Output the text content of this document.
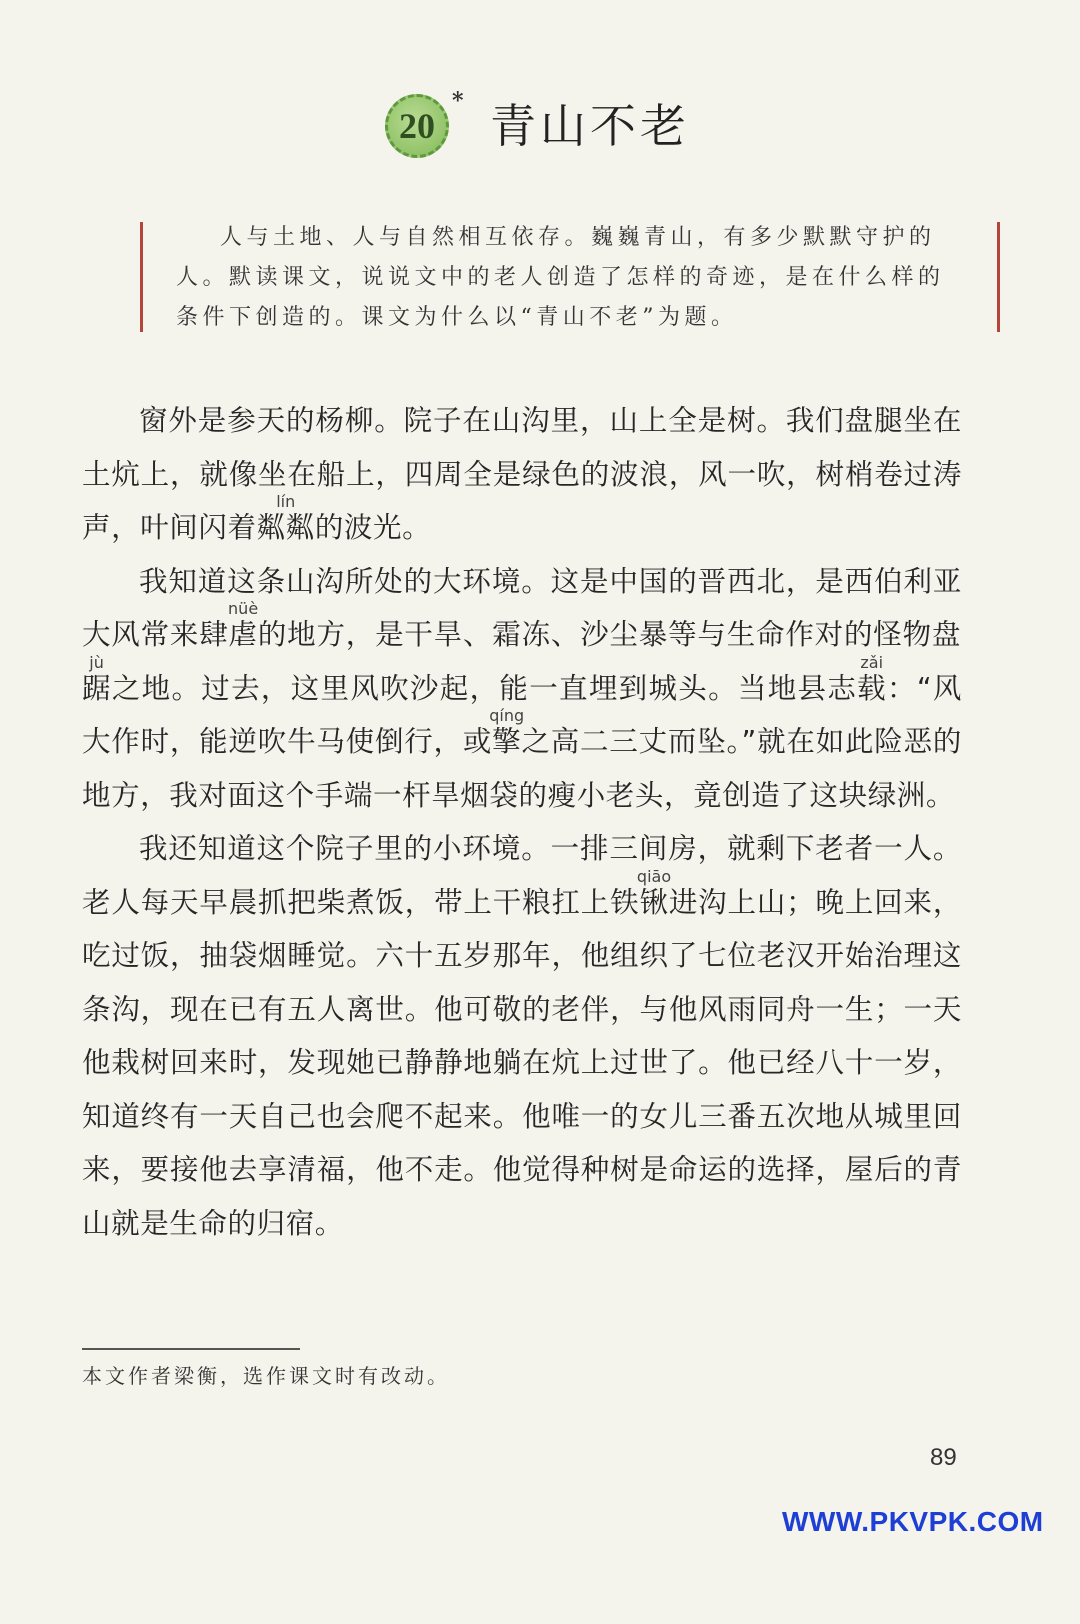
20
* 青山不老
人与土地、人与自然相互依存。巍巍青山，有多少默默守护的人。默读课文，说说文中的老人创造了怎样的奇迹，是在什么样的条件下创造的。课文为什么以“青山不老”为题。

窗外是参天的杨柳。院子在山沟里，山上全是树。我们盘腿坐在土炕上，就像坐在船上，四周全是绿色的波浪，风一吹，树梢卷过涛声，叶间闪着粼粼lín的波光。

我知道这条山沟所处的大环境。这是中国的晋西北，是西伯利亚大风常来肆虐nüè的地方，是干旱、霜冻、沙尘暴等与生命作对的怪物盘踞jù之地。过去，这里风吹沙起，能一直埋到城头。当地县志载zǎi：“风大作时，能逆吹牛马使倒行，或擎qíng之高二三丈而坠。”就在如此险恶的地方，我对面这个手端一杆旱烟袋的瘦小老头，竟创造了这块绿洲。

我还知道这个院子里的小环境。一排三间房，就剩下老者一人。老人每天早晨抓把柴煮饭，带上干粮扛上铁锹qiāo进沟上山；晚上回来，吃过饭，抽袋烟睡觉。六十五岁那年，他组织了七位老汉开始治理这条沟，现在已有五人离世。他可敬的老伴，与他风雨同舟一生；一天他栽树回来时，发现她已静静地躺在炕上过世了。他已经八十一岁，知道终有一天自己也会爬不起来。他唯一的女儿三番五次地从城里回来，要接他去享清福，他不走。他觉得种树是命运的选择，屋后的青山就是生命的归宿。

本文作者梁衡，选作课文时有改动。
89
WWW.PKVPK.COM
